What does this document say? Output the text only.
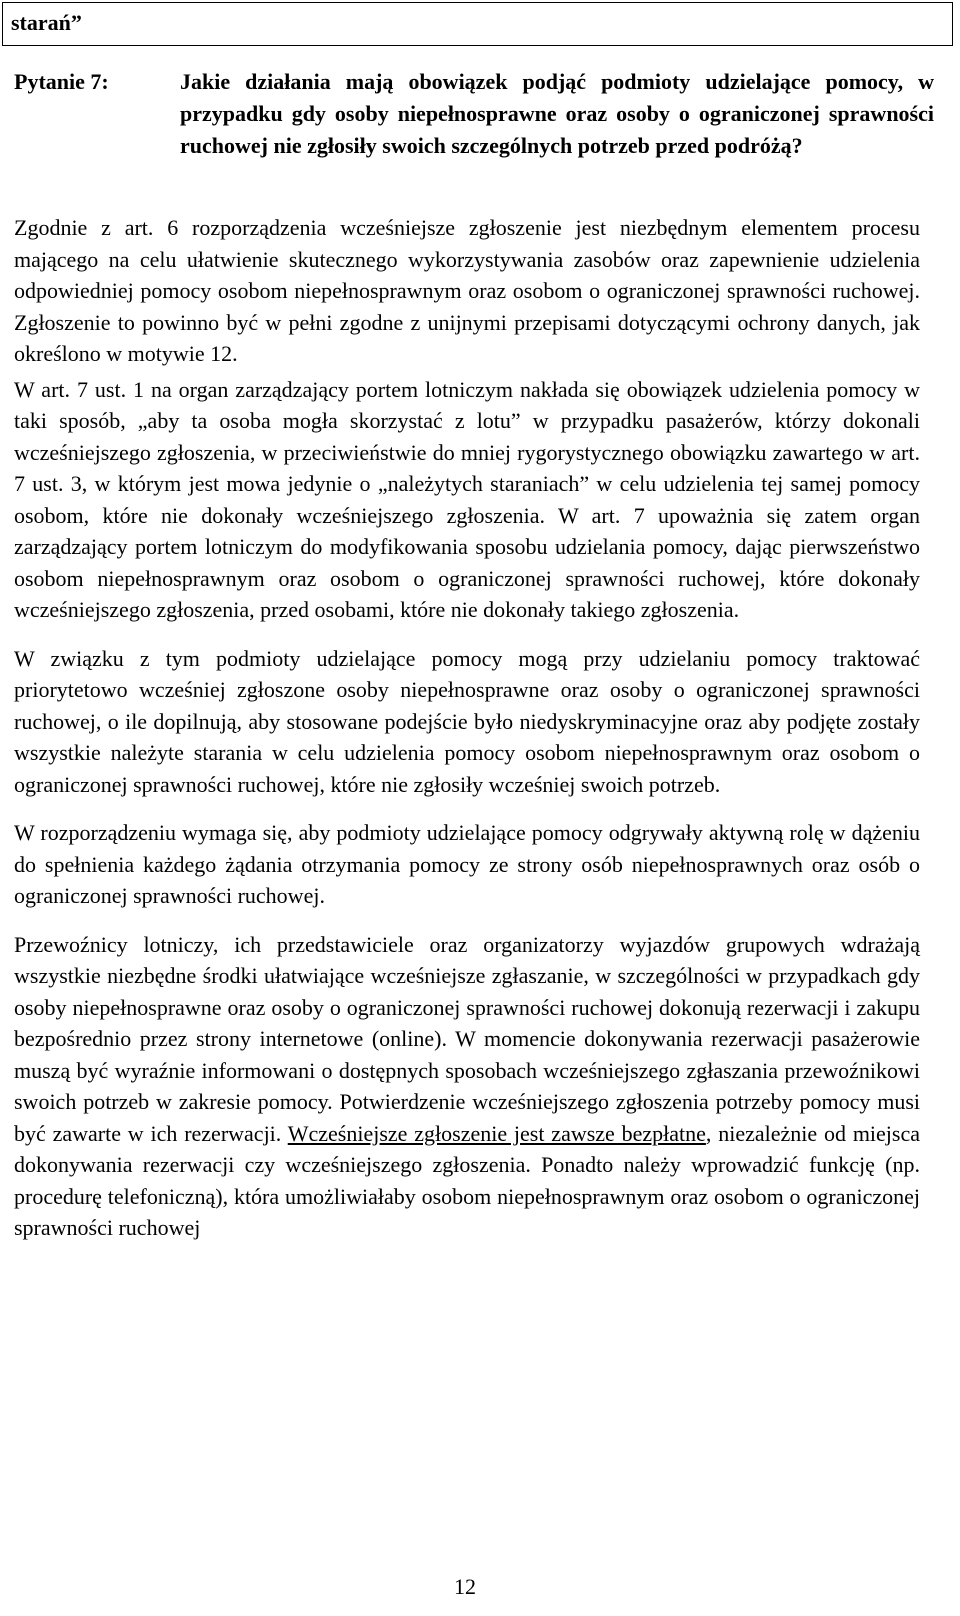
starań”
Pytanie 7:	Jakie działania mają obowiązek podjąć podmioty udzielające pomocy, w przypadku gdy osoby niepełnosprawne oraz osoby o ograniczonej sprawności ruchowej nie zgłosiły swoich szczególnych potrzeb przed podróżą?

Zgodnie z art. 6 rozporządzenia wcześniejsze zgłoszenie jest niezbędnym elementem procesu mającego na celu ułatwienie skutecznego wykorzystywania zasobów oraz zapewnienie udzielenia odpowiedniej pomocy osobom niepełnosprawnym oraz osobom o ograniczonej sprawności ruchowej. Zgłoszenie to powinno być w pełni zgodne z unijnymi przepisami dotyczącymi ochrony danych, jak określono w motywie 12.

W art. 7 ust. 1 na organ zarządzający portem lotniczym nakłada się obowiązek udzielenia pomocy w taki sposób, „aby ta osoba mogła skorzystać z lotu” w przypadku pasażerów, którzy dokonali wcześniejszego zgłoszenia, w przeciwieństwie do mniej rygorystycznego obowiązku zawartego w art. 7 ust. 3, w którym jest mowa jedynie o „należytych staraniach” w celu udzielenia tej samej pomocy osobom, które nie dokonały wcześniejszego zgłoszenia. W art. 7 upoważnia się zatem organ zarządzający portem lotniczym do modyfikowania sposobu udzielania pomocy, dając pierwszeństwo osobom niepełnosprawnym oraz osobom o ograniczonej sprawności ruchowej, które dokonały wcześniejszego zgłoszenia, przed osobami, które nie dokonały takiego zgłoszenia.

W związku z tym podmioty udzielające pomocy mogą przy udzielaniu pomocy traktować priorytetowo wcześniej zgłoszone osoby niepełnosprawne oraz osoby o ograniczonej sprawności ruchowej, o ile dopilnują, aby stosowane podejście było niedyskryminacyjne oraz aby podjęte zostały wszystkie należyte starania w celu udzielenia pomocy osobom niepełnosprawnym oraz osobom o ograniczonej sprawności ruchowej, które nie zgłosiły wcześniej swoich potrzeb.

W rozporządzeniu wymaga się, aby podmioty udzielające pomocy odgrywały aktywną rolę w dążeniu do spełnienia każdego żądania otrzymania pomocy ze strony osób niepełnosprawnych oraz osób o ograniczonej sprawności ruchowej.

Przewoźnicy lotniczy, ich przedstawiciele oraz organizatorzy wyjazdów grupowych wdrażają wszystkie niezbędne środki ułatwiające wcześniejsze zgłaszanie, w szczególności w przypadkach gdy osoby niepełnosprawne oraz osoby o ograniczonej sprawności ruchowej dokonują rezerwacji i zakupu bezpośrednio przez strony internetowe (online). W momencie dokonywania rezerwacji pasażerowie muszą być wyraźnie informowani o dostępnych sposobach wcześniejszego zgłaszania przewoźnikowi swoich potrzeb w zakresie pomocy. Potwierdzenie wcześniejszego zgłoszenia potrzeby pomocy musi być zawarte w ich rezerwacji. Wcześniejsze zgłoszenie jest zawsze bezpłatne, niezależnie od miejsca dokonywania rezerwacji czy wcześniejszego zgłoszenia. Ponadto należy wprowadzić funkcję (np. procedurę telefoniczną), która umożliwiałaby osobom niepełnosprawnym oraz osobom o ograniczonej sprawności ruchowej

12
